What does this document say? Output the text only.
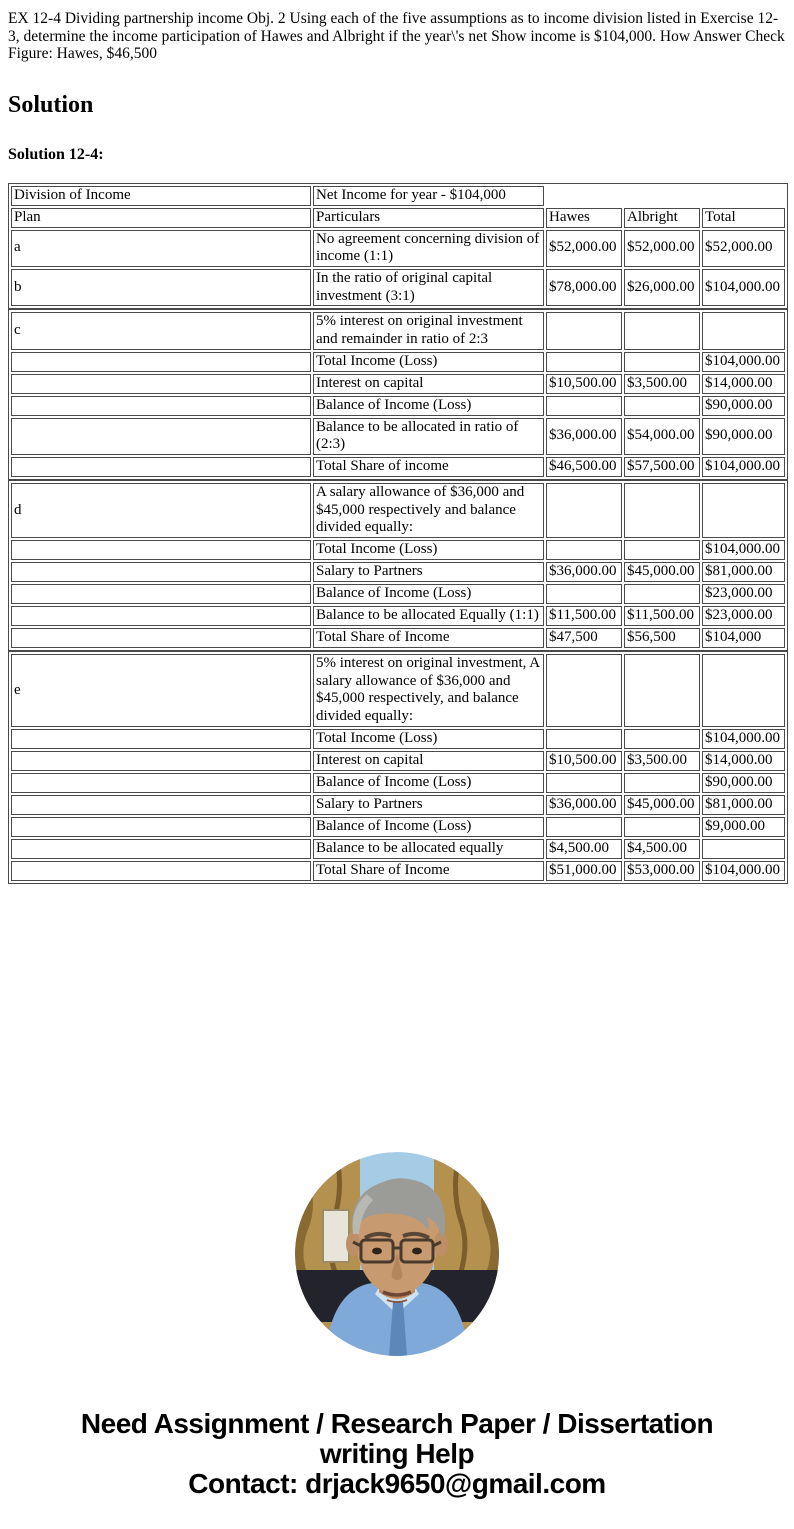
EX 12-4 Dividing partnership income Obj. 2 Using each of the five assumptions as to income division listed in Exercise 12- 3, determine the income participation of Hawes and Albright if the year\'s net Show income is $104,000. How Answer Check Figure: Hawes, $46,500

Solution
Solution 12-4:
Division of Income	Net Income for year - $104,000			
Plan	Particulars	Hawes	Albright	Total
a	No agreement concerning division of income (1:1)	$52,000.00	$52,000.00	$52,000.00
b	In the ratio of original capital investment (3:1)	$78,000.00	$26,000.00	$104,000.00
c	5% interest on original investment and remainder in ratio of 2:3			
	Total Income (Loss)			$104,000.00
	Interest on capital	$10,500.00	$3,500.00	$14,000.00
	Balance of Income (Loss)			$90,000.00
	Balance to be allocated in ratio of (2:3)	$36,000.00	$54,000.00	$90,000.00
	Total Share of income	$46,500.00	$57,500.00	$104,000.00
d	A salary allowance of $36,000 and $45,000 respectively and balance divided equally:			
	Total Income (Loss)			$104,000.00
	Salary to Partners	$36,000.00	$45,000.00	$81,000.00
	Balance of Income (Loss)			$23,000.00
	Balance to be allocated Equally (1:1)	$11,500.00	$11,500.00	$23,000.00
	Total Share of Income	$47,500	$56,500	$104,000
e	5% interest on original investment, A salary allowance of $36,000 and $45,000 respectively, and balance divided equally:			
	Total Income (Loss)			$104,000.00
	Interest on capital	$10,500.00	$3,500.00	$14,000.00
	Balance of Income (Loss)			$90,000.00
	Salary to Partners	$36,000.00	$45,000.00	$81,000.00
	Balance of Income (Loss)			$9,000.00
	Balance to be allocated equally	$4,500.00	$4,500.00	
	Total Share of Income	$51,000.00	$53,000.00	$104,000.00
Need Assignment / Research Paper / Dissertation writing Help
Contact: drjack9650@gmail.com
